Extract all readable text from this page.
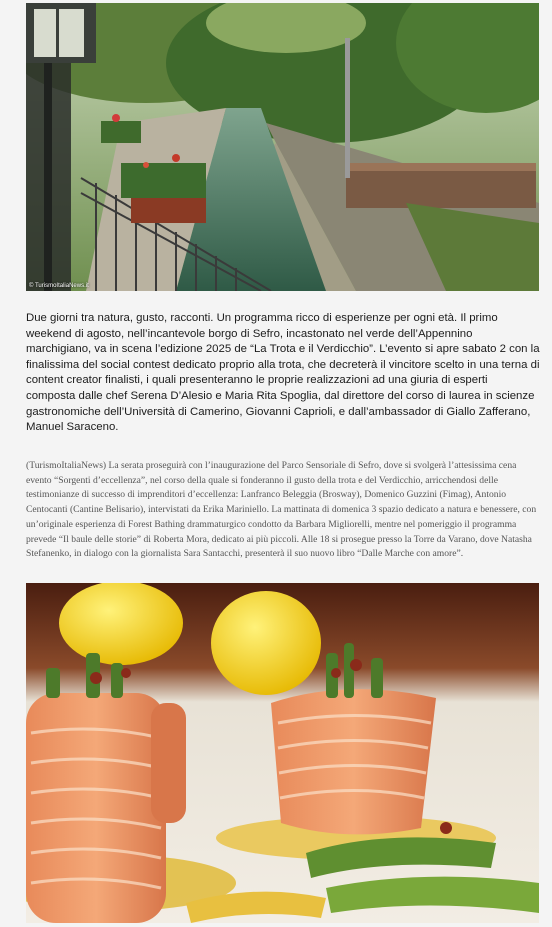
© TurismoItaliaNews.it

Due giorni tra natura, gusto, racconti. Un programma ricco di esperienze per ogni età. Il primo weekend di agosto, nell’incantevole borgo di Sefro, incastonato nel verde dell’Appennino marchigiano, va in scena l’edizione 2025 de “La Trota e il Verdicchio”. L’evento si apre sabato 2 con la finalissima del social contest dedicato proprio alla trota, che decreterà il vincitore scelto in una terna di content creator finalisti, i quali presenteranno le proprie realizzazioni ad una giuria di esperti composta dalle chef Serena D’Alesio e Maria Rita Spoglia, dal direttore del corso di laurea in scienze gastronomiche dell’Università di Camerino, Giovanni Caprioli, e dall’ambassador di Giallo Zafferano, Manuel Saraceno.

(TurismoItaliaNews) La serata proseguirà con l’inaugurazione del Parco Sensoriale di Sefro, dove si svolgerà l’attesissima cena evento “Sorgenti d’eccellenza”, nel corso della quale si fonderanno il gusto della trota e del Verdicchio, arricchendosi delle testimonianze di successo di imprenditori d’eccellenza: Lanfranco Beleggia (Brosway), Domenico Guzzini (Fimag), Antonio Centocanti (Cantine Belisario), intervistati da Erika Mariniello. La mattinata di domenica 3 spazio dedicato a natura e benessere, con un’originale esperienza di Forest Bathing drammaturgico condotto da Barbara Migliorelli, mentre nel pomeriggio il programma prevede “Il baule delle storie” di Roberta Mora, dedicato ai più piccoli. Alle 18 si prosegue presso la Torre da Varano, dove Natasha Stefanenko, in dialogo con la giornalista Sara Santacchi, presenterà il suo nuovo libro “Dalle Marche con amore”.
